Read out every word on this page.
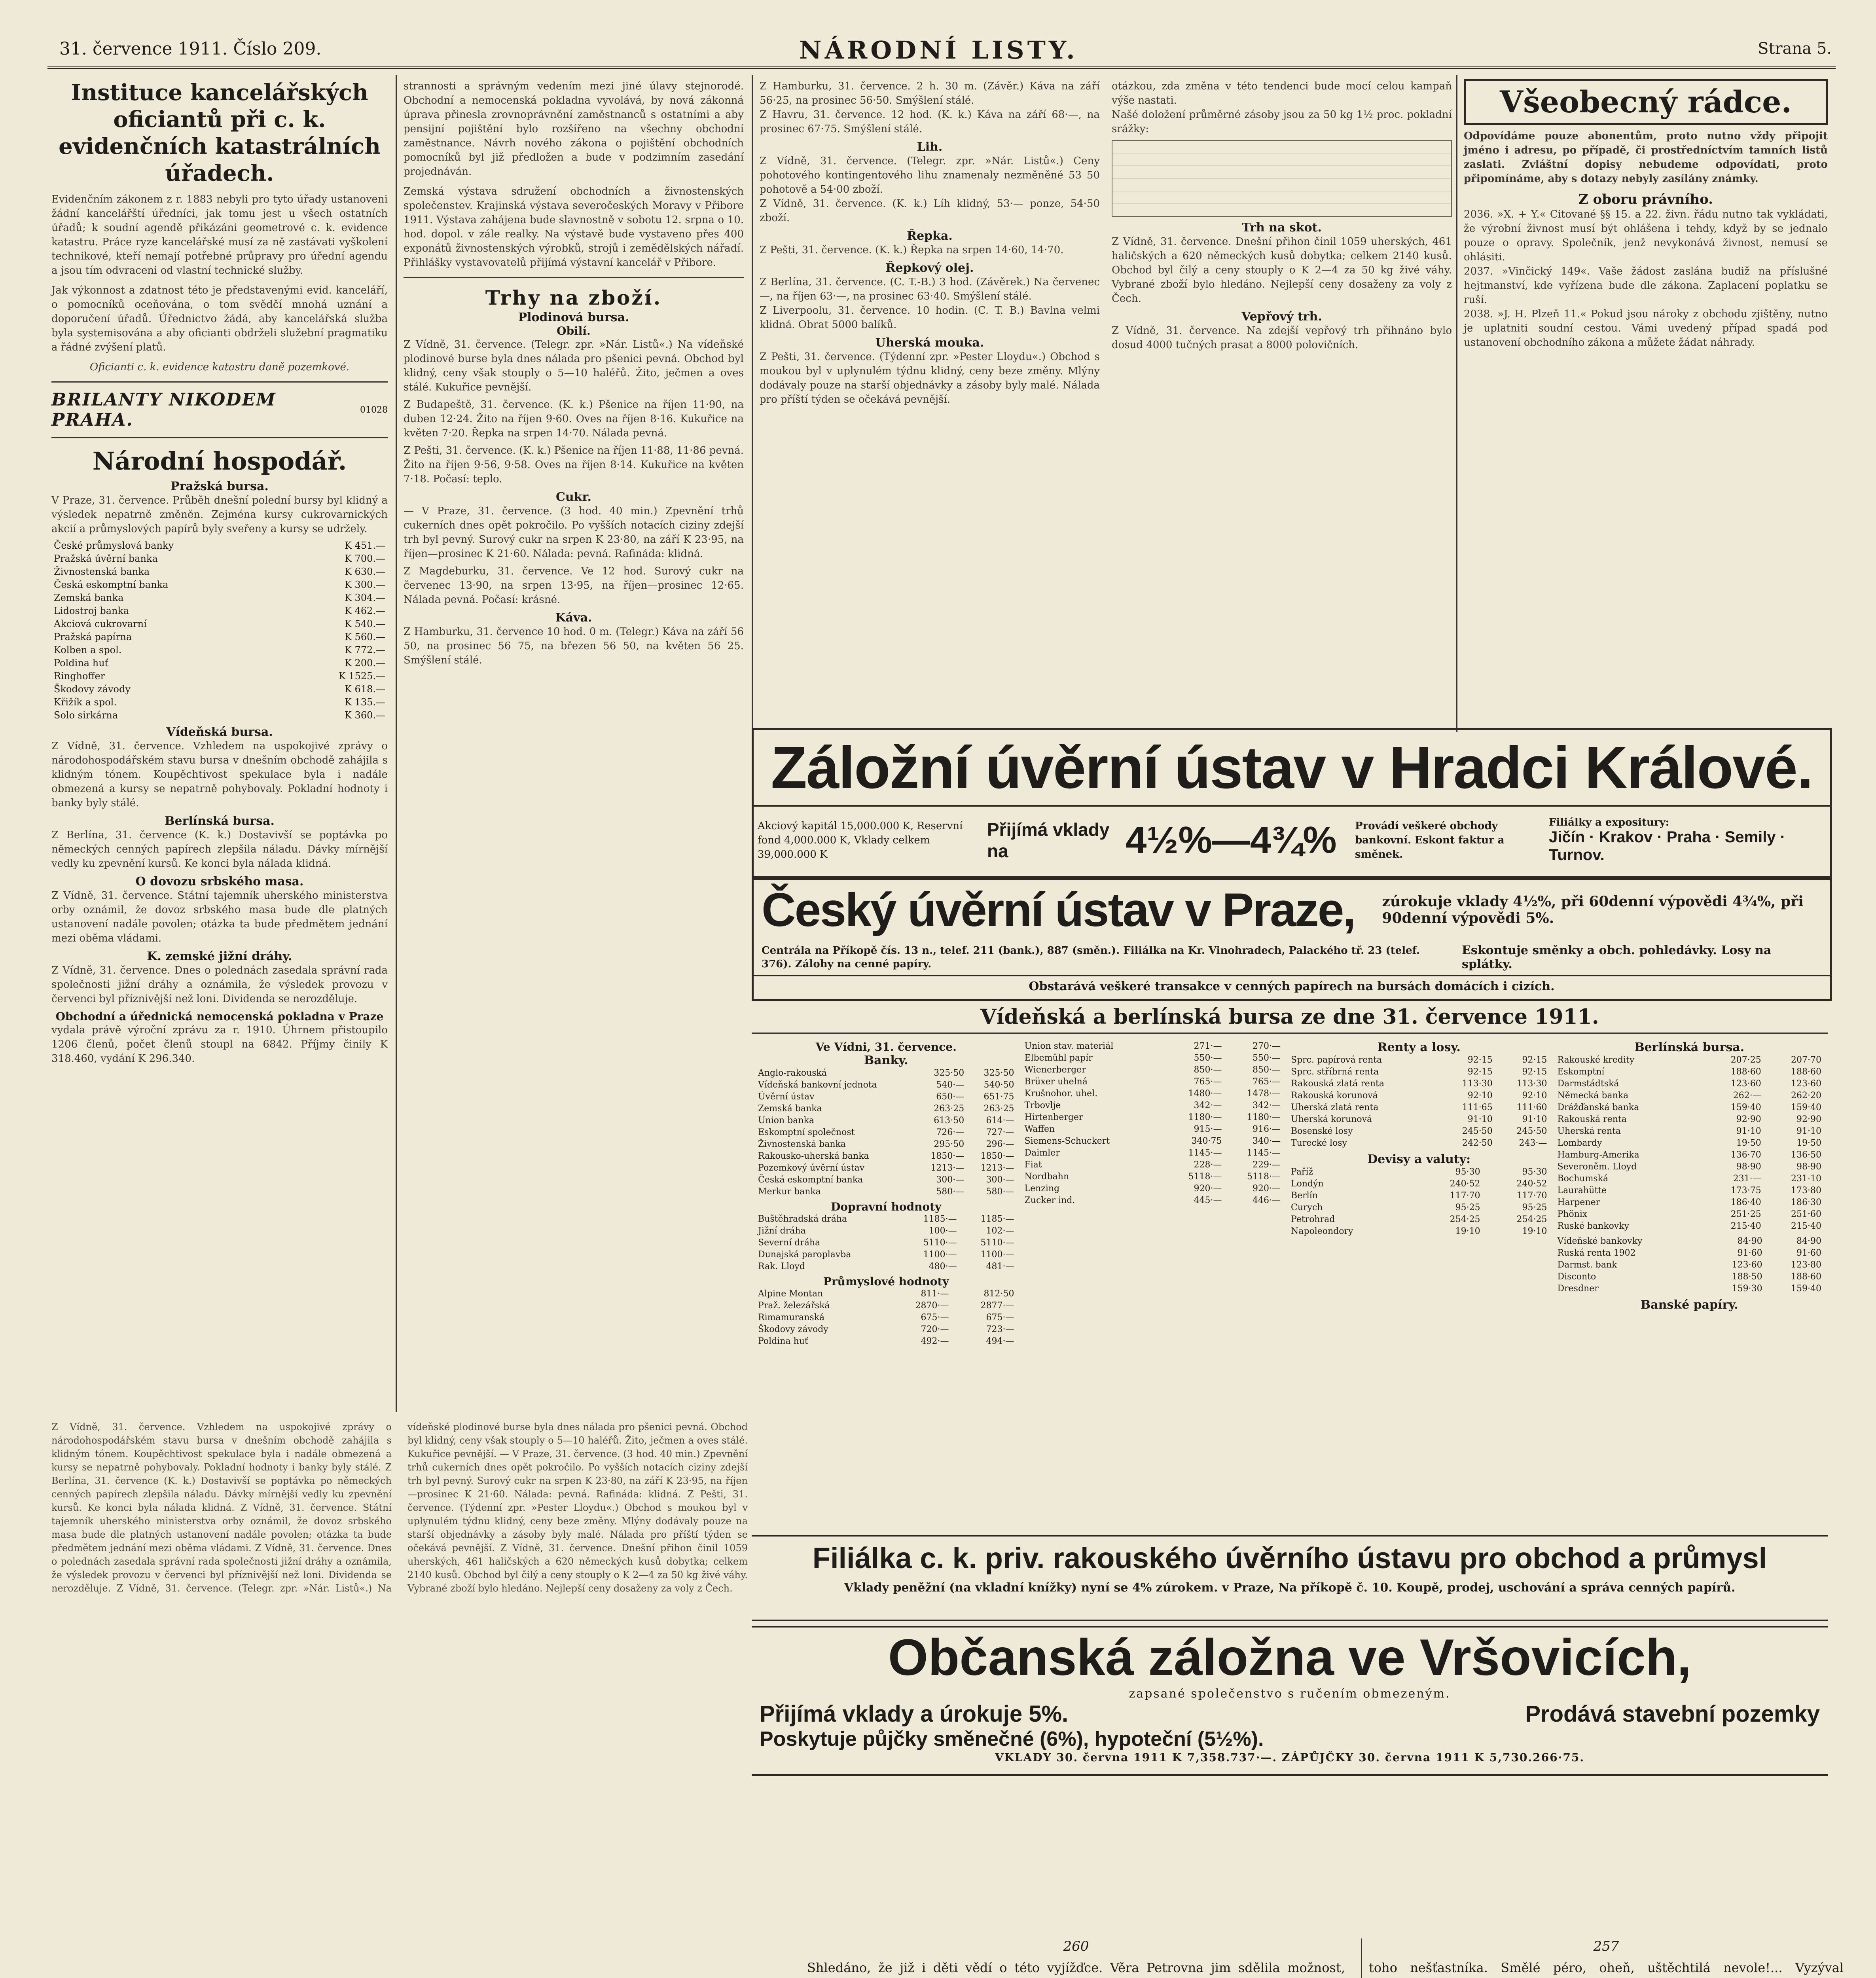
31. července 1911. Číslo 209.	NÁRODNÍ LISTY.	Strana 5.
Instituce kancelářských oficiantů při c. k. evidenčních katastrálních úřadech.
Evidenčním zákonem z r. 1883 nebyli pro tyto úřady ustanoveni žádní kancelářští úředníci, jak tomu jest u všech ostatních úřadů; k soudní agendě přikázáni geometrové c. k. evidence katastru. Práce ryze kancelářské musí za ně zastávati vyškolení technikové, kteří nemají potřebné průpravy pro úřední agendu a jsou tím odvraceni od vlastní technické služby.
Jak výkonnost a zdatnost této je představenými evid. kanceláří, o pomocníků oceňována, o tom svědčí mnohá uznání a doporučení úřadů. Úřednictvo žádá, aby kancelářská služba byla systemisována a aby oficianti obdrželi služební pragmatiku a řádné zvýšení platů.
Oficianti c. k. evidence katastru daně pozemkové.
BRILANTY NIKODEM PRAHA.	01028
Národní hospodář.
Pražská bursa.
V Praze, 31. července. Průběh dnešní polední bursy byl klidný a výsledek nepatrně změněn. Zejména kursy cukrovarnických akcií a průmyslových papírů byly sveřeny a kursy se udržely.
České průmyslová banky	K 451.—
Pražská úvěrní banka	K 700.—
Živnostenská banka	K 630.—
Česká eskomptní banka	K 300.—
Zemská banka	K 304.—
Lidostroj banka	K 462.—
Akciová cukrovarní	K 540.—
Pražská papírna	K 560.—
Kolben a spol.	K 772.—
Poldina huť	K 200.—
Ringhoffer	K 1525.—
Škodovy závody	K 618.—
Křižík a spol.	K 135.—
Solo sirkárna	K 360.—
Vídeňská bursa.
Z Vídně, 31. července. Vzhledem na uspokojivé zprávy o národohospodářském stavu bursa v dnešním obchodě zahájila s klidným tónem. Koupěchtivost spekulace byla i nadále obmezená a kursy se nepatrně pohybovaly. Pokladní hodnoty i banky byly stálé.
Berlínská bursa.
Z Berlína, 31. července (K. k.) Dostavivší se poptávka po německých cenných papírech zlepšila náladu. Dávky mírnější vedly ku zpevnění kursů. Ke konci byla nálada klidná.
O dovozu srbského masa.
Z Vídně, 31. července. Státní tajemník uherského ministerstva orby oznámil, že dovoz srbského masa bude dle platných ustanovení nadále povolen; otázka ta bude předmětem jednání mezi oběma vládami.
K. zemské jižní dráhy.
Z Vídně, 31. července. Dnes o polednách zasedala správní rada společnosti jižní dráhy a oznámila, že výsledek provozu v červenci byl příznivější než loni. Dividenda se nerozděluje.
Obchodní a úřednická nemocenská pokladna v Praze
vydala právě výroční zprávu za r. 1910. Úhrnem přistoupilo 1206 členů, počet členů stoupl na 6842. Příjmy činily K 318.460, vydání K 296.340.
strannosti a správným vedením mezi jiné úlavy stejnorodé. Obchodní a nemocenská pokladna vyvolává, by nová zákonná úprava přinesla zrovnoprávnění zaměstnanců s ostatními a aby pensijní pojištění bylo rozšířeno na všechny obchodní zaměstnance. Návrh nového zákona o pojištění obchodních pomocníků byl již předložen a bude v podzimním zasedání projednáván.
Zemská výstava sdružení obchodních a živnostenských společenstev. Krajinská výstava severočeských Moravy v Přibore 1911. Výstava zahájena bude slavnostně v sobotu 12. srpna o 10. hod. dopol. v zále realky. Na výstavě bude vystaveno přes 400 exponátů živnostenských výrobků, strojů i zemědělských nářadí. Přihlášky vystavovatelů přijímá výstavní kancelář v Přibore.
Trhy na zboží.
Plodinová bursa.
Obilí.
Z Vídně, 31. července. (Telegr. zpr. »Nár. Listů«.) Na vídeňské plodinové burse byla dnes nálada pro pšenici pevná. Obchod byl klidný, ceny však stouply o 5—10 haléřů. Žito, ječmen a oves stálé. Kukuřice pevnější.
Z Budapeště, 31. července. (K. k.) Pšenice na říjen 11·90, na duben 12·24. Žito na říjen 9·60. Oves na říjen 8·16. Kukuřice na květen 7·20. Řepka na srpen 14·70. Nálada pevná.
Z Pešti, 31. července. (K. k.) Pšenice na říjen 11·88, 11·86 pevná. Žito na říjen 9·56, 9·58. Oves na říjen 8·14. Kukuřice na květen 7·18. Počasí: teplo.
Cukr.
— V Praze, 31. července. (3 hod. 40 min.) Zpevnění trhů cukerních dnes opět pokročilo. Po vyšších notacích ciziny zdejší trh byl pevný. Surový cukr na srpen K 23·80, na září K 23·95, na říjen—prosinec K 21·60. Nálada: pevná. Rafináda: klidná.
Z Magdeburku, 31. července. Ve 12 hod. Surový cukr na červenec 13·90, na srpen 13·95, na říjen—prosinec 12·65. Nálada pevná. Počasí: krásné.
Káva.
Z Hamburku, 31. července 10 hod. 0 m. (Telegr.) Káva na září 56 50, na prosinec 56 75, na březen 56 50, na květen 56 25. Smýšlení stálé.
Z Hamburku, 31. července. 2 h. 30 m. (Závěr.) Káva na září 56·25, na prosinec 56·50. Smýšlení stálé.
Z Havru, 31. července. 12 hod. (K. k.) Káva na září 68·—, na prosinec 67·75. Smýšlení stálé.
Lih.
Z Vídně, 31. července. (Telegr. zpr. »Nár. Listů«.) Ceny pohotového kontingentového lihu znamenaly nezměněné 53 50 pohotově a 54·00 zboží.
Z Vídně, 31. července. (K. k.) Líh klidný, 53·— ponze, 54·50 zboží.
Řepka.
Z Pešti, 31. července. (K. k.) Řepka na srpen 14·60, 14·70.
Řepkový olej.
Z Berlína, 31. července. (C. T.-B.) 3 hod. (Závěrek.) Na červenec —, na říjen 63·—, na prosinec 63·40. Smýšlení stálé.
Z Liverpoolu, 31. července. 10 hodin. (C. T. B.) Bavlna velmi klidná. Obrat 5000 balíků.
Uherská mouka.
Z Pešti, 31. července. (Týdenní zpr. »Pester Lloydu«.) Obchod s moukou byl v uplynulém týdnu klidný, ceny beze změny. Mlýny dodávaly pouze na starší objednávky a zásoby byly malé. Nálada pro příští týden se očekává pevnější.
otázkou, zda změna v této tendenci bude mocí celou kampaň výše nastati.
Našé doložení průměrné zásoby jsou za 50 kg 1½ proc. pokladní srážky:
Trh na skot.
Z Vídně, 31. července. Dnešní přihon činil 1059 uherských, 461 haličských a 620 německých kusů dobytka; celkem 2140 kusů. Obchod byl čilý a ceny stouply o K 2—4 za 50 kg živé váhy. Vybrané zboží bylo hledáno. Nejlepší ceny dosaženy za voly z Čech.
Vepřový trh.
Z Vídně, 31. července. Na zdejší vepřový trh přihnáno bylo dosud 4000 tučných prasat a 8000 polovičních.
Všeobecný rádce.
Odpovídáme pouze abonentům, proto nutno vždy připojit jméno i adresu, po případě, či prostředníctvím tamních listů zaslati. Zvláštní dopisy nebudeme odpovídati, proto připomínáme, aby s dotazy nebyly zasílány známky.
Z oboru právního.
2036. »X. + Y.« Citované §§ 15. a 22. živn. řádu nutno tak vykládati, že výrobní živnost musí být ohlášena i tehdy, když by se jednalo pouze o opravy. Společník, jenž nevykonává živnost, nemusí se ohlásiti.
2037. »Vinčický 149«. Vaše žádost zaslána budiž na příslušné hejtmanství, kde vyřízena bude dle zákona. Zaplacení poplatku se ruší.
2038. »J. H. Plzeň 11.« Pokud jsou nároky z obchodu zjištěny, nutno je uplatniti soudní cestou. Vámi uvedený případ spadá pod ustanovení obchodního zákona a můžete žádat náhrady.
Záložní úvěrní ústav v Hradci Králové.
Akciový kapitál 15,000.000 K, Reservní fond 4,000.000 K, Vklady celkem 39,000.000 K
Přijímá vklady na	4½%—4¾%	Provádí veškeré obchody bankovní. Eskont faktur a směnek.
Filiálky a expositury:
Jičín · Krakov · Praha · Semily · Turnov.
Český úvěrní ústav v Praze,	zúrokuje vklady 4½%, při 60denní výpovědi 4¾%, při 90denní výpovědi 5%.
Centrála na Příkopě čís. 13 n., telef. 211 (bank.), 887 (směn.). Filiálka na Kr. Vinohradech, Palackého tř. 23 (telef. 376). Zálohy na cenné papíry.
Eskontuje směnky a obch. pohledávky. Losy na splátky.
Obstarává veškeré transakce v cenných papírech na bursách domácích i cizích.
Vídeňská a berlínská bursa ze dne 31. července 1911.
Ve Vídni, 31. července.
Banky.
Anglo-rakouská	325·50	325·50
Vídeňská bankovní jednota	540·—	540·50
Úvěrní ústav	650·—	651·75
Zemská banka	263·25	263·25
Union banka	613·50	614·—
Eskomptní společnost	726·—	727·—
Živnostenská banka	295·50	296·—
Rakousko-uherská banka	1850·—	1850·—
Pozemkový úvěrní ústav	1213·—	1213·—
Česká eskomptní banka	300·—	300·—
Merkur banka	580·—	580·—
Dopravní hodnoty
Buštěhradská dráha	1185·—	1185·—
Jižní dráha	100·—	102·—
Severní dráha	5110·—	5110·—
Dunajská paroplavba	1100·—	1100·—
Rak. Lloyd	480·—	481·—
Průmyslové hodnoty
Alpine Montan	811·—	812·50
Praž. železářská	2870·—	2877·—
Rimamuranská	675·—	675·—
Škodovy závody	720·—	723·—
Poldina huť	492·—	494·—
Union stav. materiál	271·—	270·—
Elbemühl papír	550·—	550·—
Wienerberger	850·—	850·—
Brüxer uhelná	765·—	765·—
Krušnohor. uhel.	1480·—	1478·—
Trbovlje	342·—	342·—
Hirtenberger	1180·—	1180·—
Waffen	915·—	916·—
Siemens-Schuckert	340·75	340·—
Daimler	1145·—	1145·—
Fiat	228·—	229·—
Nordbahn	5118·—	5118·—
Lenzing	920·—	920·—
Zucker ind.	445·—	446·—
Renty a losy.
Sprc. papírová renta	92·15	92·15
Sprc. stříbrná renta	92·15	92·15
Rakouská zlatá renta	113·30	113·30
Rakouská korunová	92·10	92·10
Uherská zlatá renta	111·65	111·60
Uherská korunová	91·10	91·10
Bosenské losy	245·50	245·50
Turecké losy	242·50	243·—
Devisy a valuty:
Paříž	95·30	95·30
Londýn	240·52	240·52
Berlín	117·70	117·70
Curych	95·25	95·25
Petrohrad	254·25	254·25
Napoleondory	19·10	19·10
Berlínská bursa.
Rakouské kredity	207·25	207·70
Eskomptní	188·60	188·60
Darmstádtská	123·60	123·60
Německá banka	262·—	262·20
Drážďanská banka	159·40	159·40
Rakouská renta	92·90	92·90
Uherská renta	91·10	91·10
Lombardy	19·50	19·50
Hamburg-Amerika	136·70	136·50
Severoněm. Lloyd	98·90	98·90
Bochumská	231·—	231·10
Laurahütte	173·75	173·80
Harpener	186·40	186·30
Phönix	251·25	251·60
Ruské bankovky	215·40	215·40
Vídeňské bankovky	84·90	84·90
Ruská renta 1902	91·60	91·60
Darmst. bank	123·60	123·80
Disconto	188·50	188·60
Dresdner	159·30	159·40
Banské papíry.
Filiálka c. k. priv. rakouského úvěrního ústavu pro obchod a průmysl
Vklady peněžní (na vkladní knížky) nyní se 4% zúrokem. v Praze, Na příkopě č. 10. Koupě, prodej, uschování a správa cenných papírů.
Občanská záložna ve Vršovicích,
zapsané společenstvo s ručením obmezeným.
Přijímá vklady a úrokuje 5%.	Prodává stavební pozemky
Poskytuje půjčky směnečné (6%), hypoteční (5½%).
VKLADY 30. června 1911 K 7,358.737·—. ZÁPŮJČKY 30. června 1911 K 5,730.266·75.
260
Shledáno, že již i děti vědí o této vyjížďce. Věra Petrovna jim sdělila možnost,

257
toho nešťastníka. Smělé péro, oheň, uštěchtilá nevole!... Vyzýval

Z Vídně, 31. července. Vzhledem na uspokojivé zprávy o národohospodářském stavu bursa v dnešním obchodě zahájila s klidným tónem. Koupěchtivost spekulace byla i nadále obmezená a kursy se nepatrně pohybovaly. Pokladní hodnoty i banky byly stálé. Z Berlína, 31. července (K. k.) Dostavivší se poptávka po německých cenných papírech zlepšila náladu. Dávky mírnější vedly ku zpevnění kursů. Ke konci byla nálada klidná. Z Vídně, 31. července. Státní tajemník uherského ministerstva orby oznámil, že dovoz srbského masa bude dle platných ustanovení nadále povolen; otázka ta bude předmětem jednání mezi oběma vládami. Z Vídně, 31. července. Dnes o polednách zasedala správní rada společnosti jižní dráhy a oznámila, že výsledek provozu v červenci byl příznivější než loni. Dividenda se nerozděluje. Z Vídně, 31. července. (Telegr. zpr. »Nár. Listů«.) Na vídeňské plodinové burse byla dnes nálada pro pšenici pevná. Obchod byl klidný, ceny však stouply o 5—10 haléřů. Žito, ječmen a oves stálé. Kukuřice pevnější. — V Praze, 31. července. (3 hod. 40 min.) Zpevnění trhů cukerních dnes opět pokročilo. Po vyšších notacích ciziny zdejší trh byl pevný. Surový cukr na srpen K 23·80, na září K 23·95, na říjen—prosinec K 21·60. Nálada: pevná. Rafináda: klidná. Z Pešti, 31. července. (Týdenní zpr. »Pester Lloydu«.) Obchod s moukou byl v uplynulém týdnu klidný, ceny beze změny. Mlýny dodávaly pouze na starší objednávky a zásoby byly malé. Nálada pro příští týden se očekává pevnější. Z Vídně, 31. července. Dnešní přihon činil 1059 uherských, 461 haličských a 620 německých kusů dobytka; celkem 2140 kusů. Obchod byl čilý a ceny stouply o K 2—4 za 50 kg živé váhy. Vybrané zboží bylo hledáno. Nejlepší ceny dosaženy za voly z Čech.
